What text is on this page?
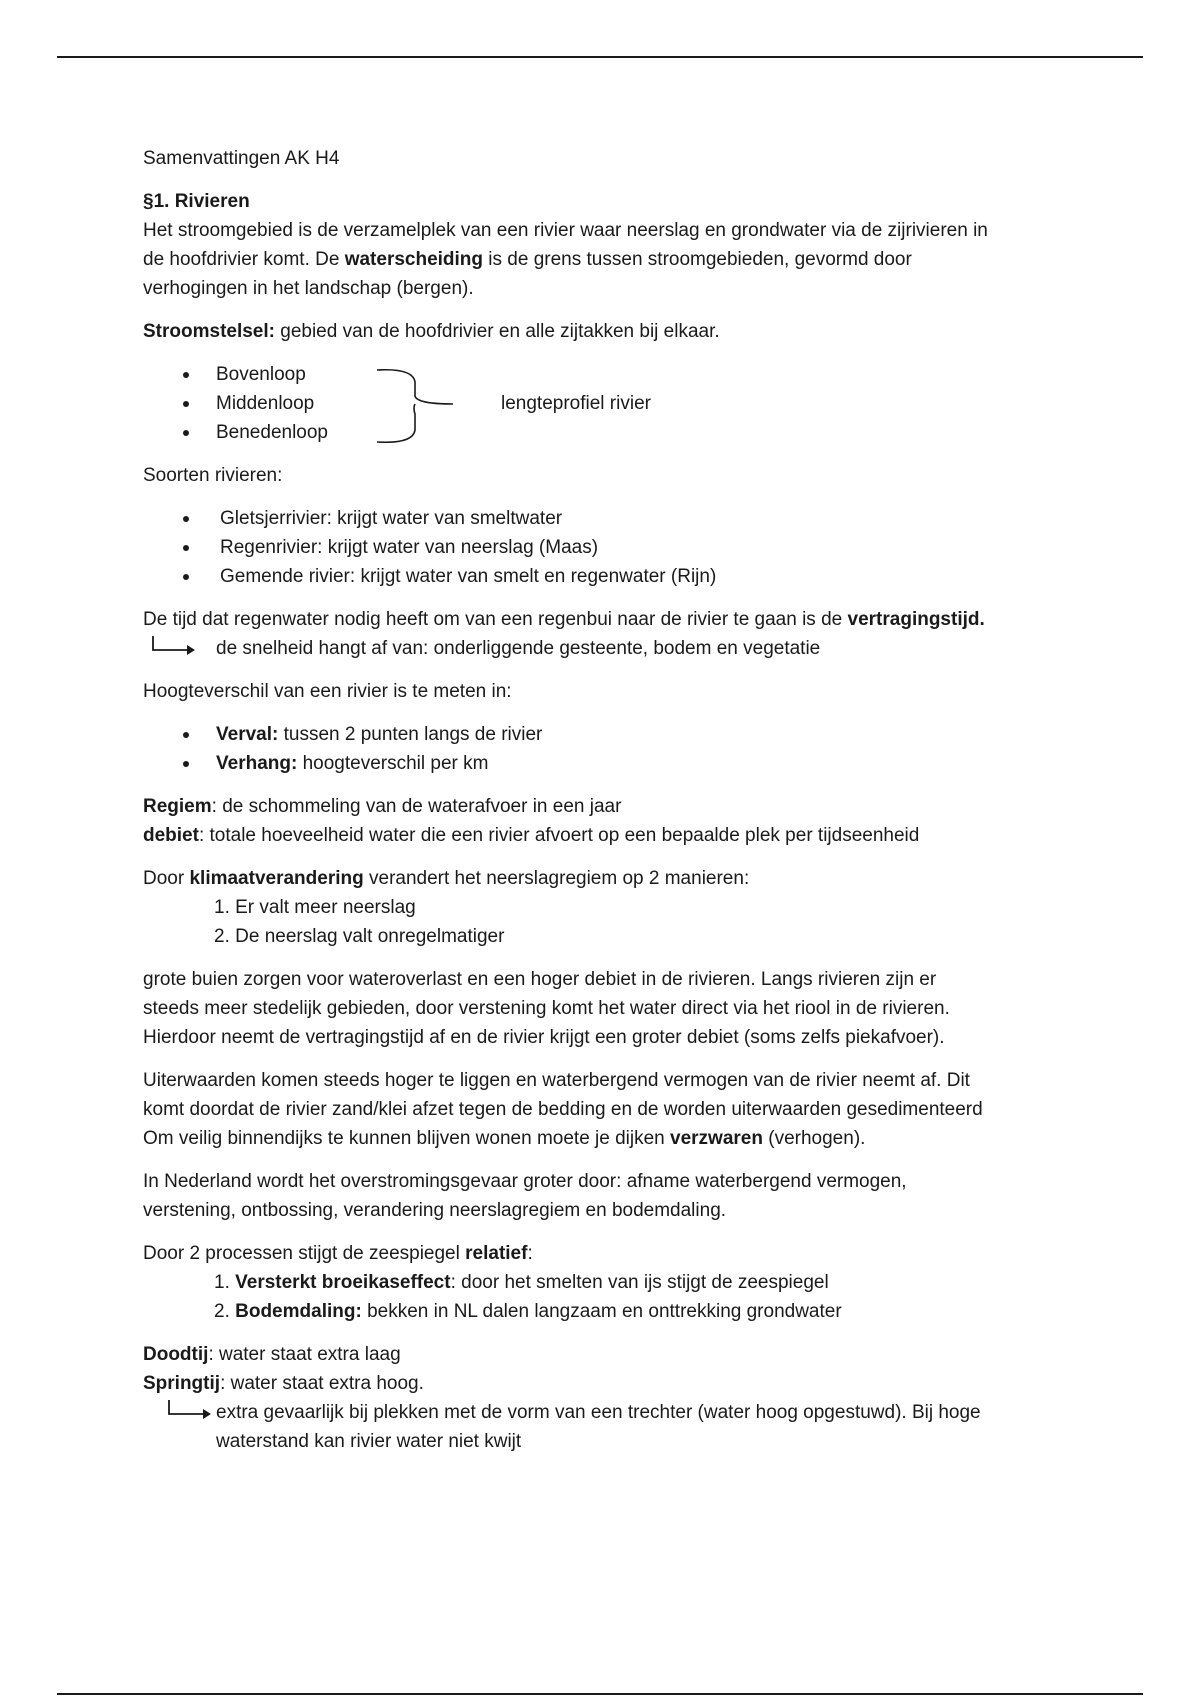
Samenvattingen AK H4
§1. Rivieren
Het stroomgebied is de verzamelplek van een rivier waar neerslag en grondwater via de zijrivieren in
de hoofdrivier komt. De waterscheiding is de grens tussen stroomgebieden, gevormd door
verhogingen in het landschap (bergen).
Stroomstelsel: gebied van de hoofdrivier en alle zijtakken bij elkaar.
Bovenloop
Middenloop
Benedenloop
lengteprofiel rivier
Soorten rivieren:
Gletsjerrivier: krijgt water van smeltwater
Regenrivier: krijgt water van neerslag (Maas)
Gemende rivier: krijgt water van smelt en regenwater (Rijn)
De tijd dat regenwater nodig heeft om van een regenbui naar de rivier te gaan is de vertragingstijd.
de snelheid hangt af van: onderliggende gesteente, bodem en vegetatie
Hoogteverschil van een rivier is te meten in:
Verval: tussen 2 punten langs de rivier
Verhang: hoogteverschil per km
Regiem: de schommeling van de waterafvoer in een jaar
debiet: totale hoeveelheid water die een rivier afvoert op een bepaalde plek per tijdseenheid
Door klimaatverandering verandert het neerslagregiem op 2 manieren:
1. Er valt meer neerslag
2. De neerslag valt onregelmatiger
grote buien zorgen voor wateroverlast en een hoger debiet in de rivieren. Langs rivieren zijn er
steeds meer stedelijk gebieden, door verstening komt het water direct via het riool in de rivieren.
Hierdoor neemt de vertragingstijd af en de rivier krijgt een groter debiet (soms zelfs piekafvoer).
Uiterwaarden komen steeds hoger te liggen en waterbergend vermogen van de rivier neemt af. Dit
komt doordat de rivier zand/klei afzet tegen de bedding en de worden uiterwaarden gesedimenteerd
Om veilig binnendijks te kunnen blijven wonen moete je dijken verzwaren (verhogen).
In Nederland wordt het overstromingsgevaar groter door: afname waterbergend vermogen,
verstening, ontbossing, verandering neerslagregiem en bodemdaling.
Door 2 processen stijgt de zeespiegel relatief:
1. Versterkt broeikaseffect: door het smelten van ijs stijgt de zeespiegel
2. Bodemdaling: bekken in NL dalen langzaam en onttrekking grondwater
Doodtij: water staat extra laag
Springtij: water staat extra hoog.
extra gevaarlijk bij plekken met de vorm van een trechter (water hoog opgestuwd). Bij hoge
waterstand kan rivier water niet kwijt
